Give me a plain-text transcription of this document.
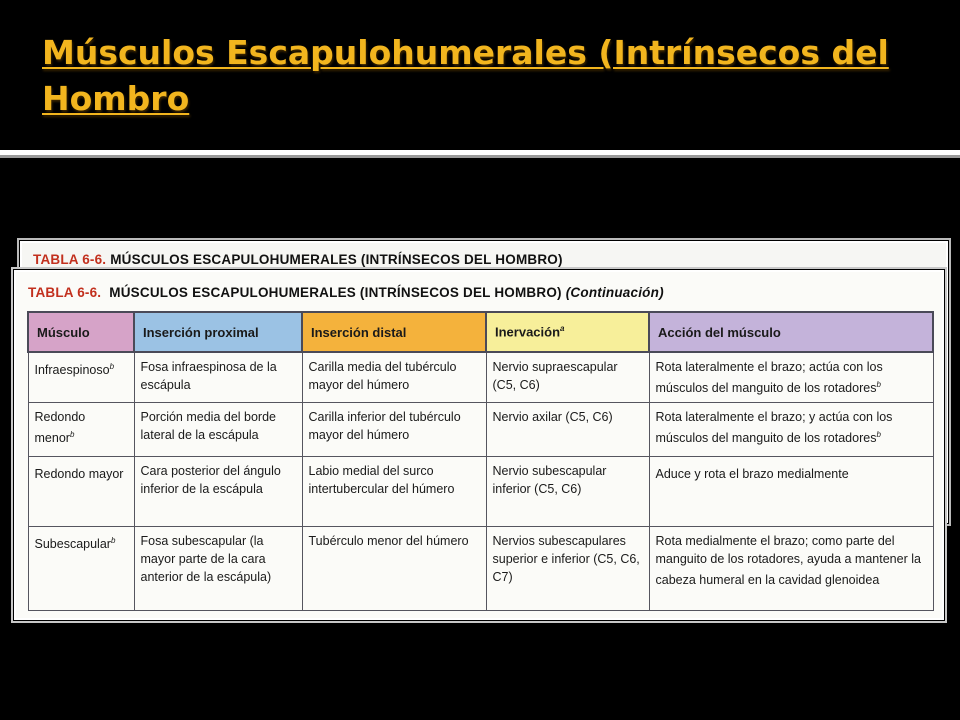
Músculos Escapulohumerales (Intrínsecos del Hombro
TABLA 6-6. MÚSCULOS ESCAPULOHUMERALES (INTRÍNSECOS DEL HOMBRO)
TABLA 6-6. MÚSCULOS ESCAPULOHUMERALES (INTRÍNSECOS DEL HOMBRO) (Continuación)
Músculo	Inserción proximal	Inserción distal	Inervación$^a$	Acción del músculo
Infraespinoso$^b$	Fosa infraespinosa de la escápula	Carilla media del tubérculo mayor del húmero	Nervio supraescapular (C5, C6)	Rota lateralmente el brazo; actúa con los músculos del manguito de los rotadores$^b$
Redondo menor$^b$	Porción media del borde lateral de la escápula	Carilla inferior del tubérculo mayor del húmero	Nervio axilar (C5, C6)	Rota lateralmente el brazo; y actúa con los músculos del manguito de los rotadores$^b$
Redondo mayor	Cara posterior del ángulo inferior de la escápula	Labio medial del surco intertubercular del húmero	Nervio subescapular inferior (C5, C6)	Aduce y rota el brazo medialmente
Subescapular$^b$	Fosa subescapular (la mayor parte de la cara anterior de la escápula)	Tubérculo menor del húmero	Nervios subescapulares superior e inferior (C5, C6, C7)	Rota medialmente el brazo; como parte del manguito de los rotadores, ayuda a mantener la cabeza humeral en la cavidad glenoidea
